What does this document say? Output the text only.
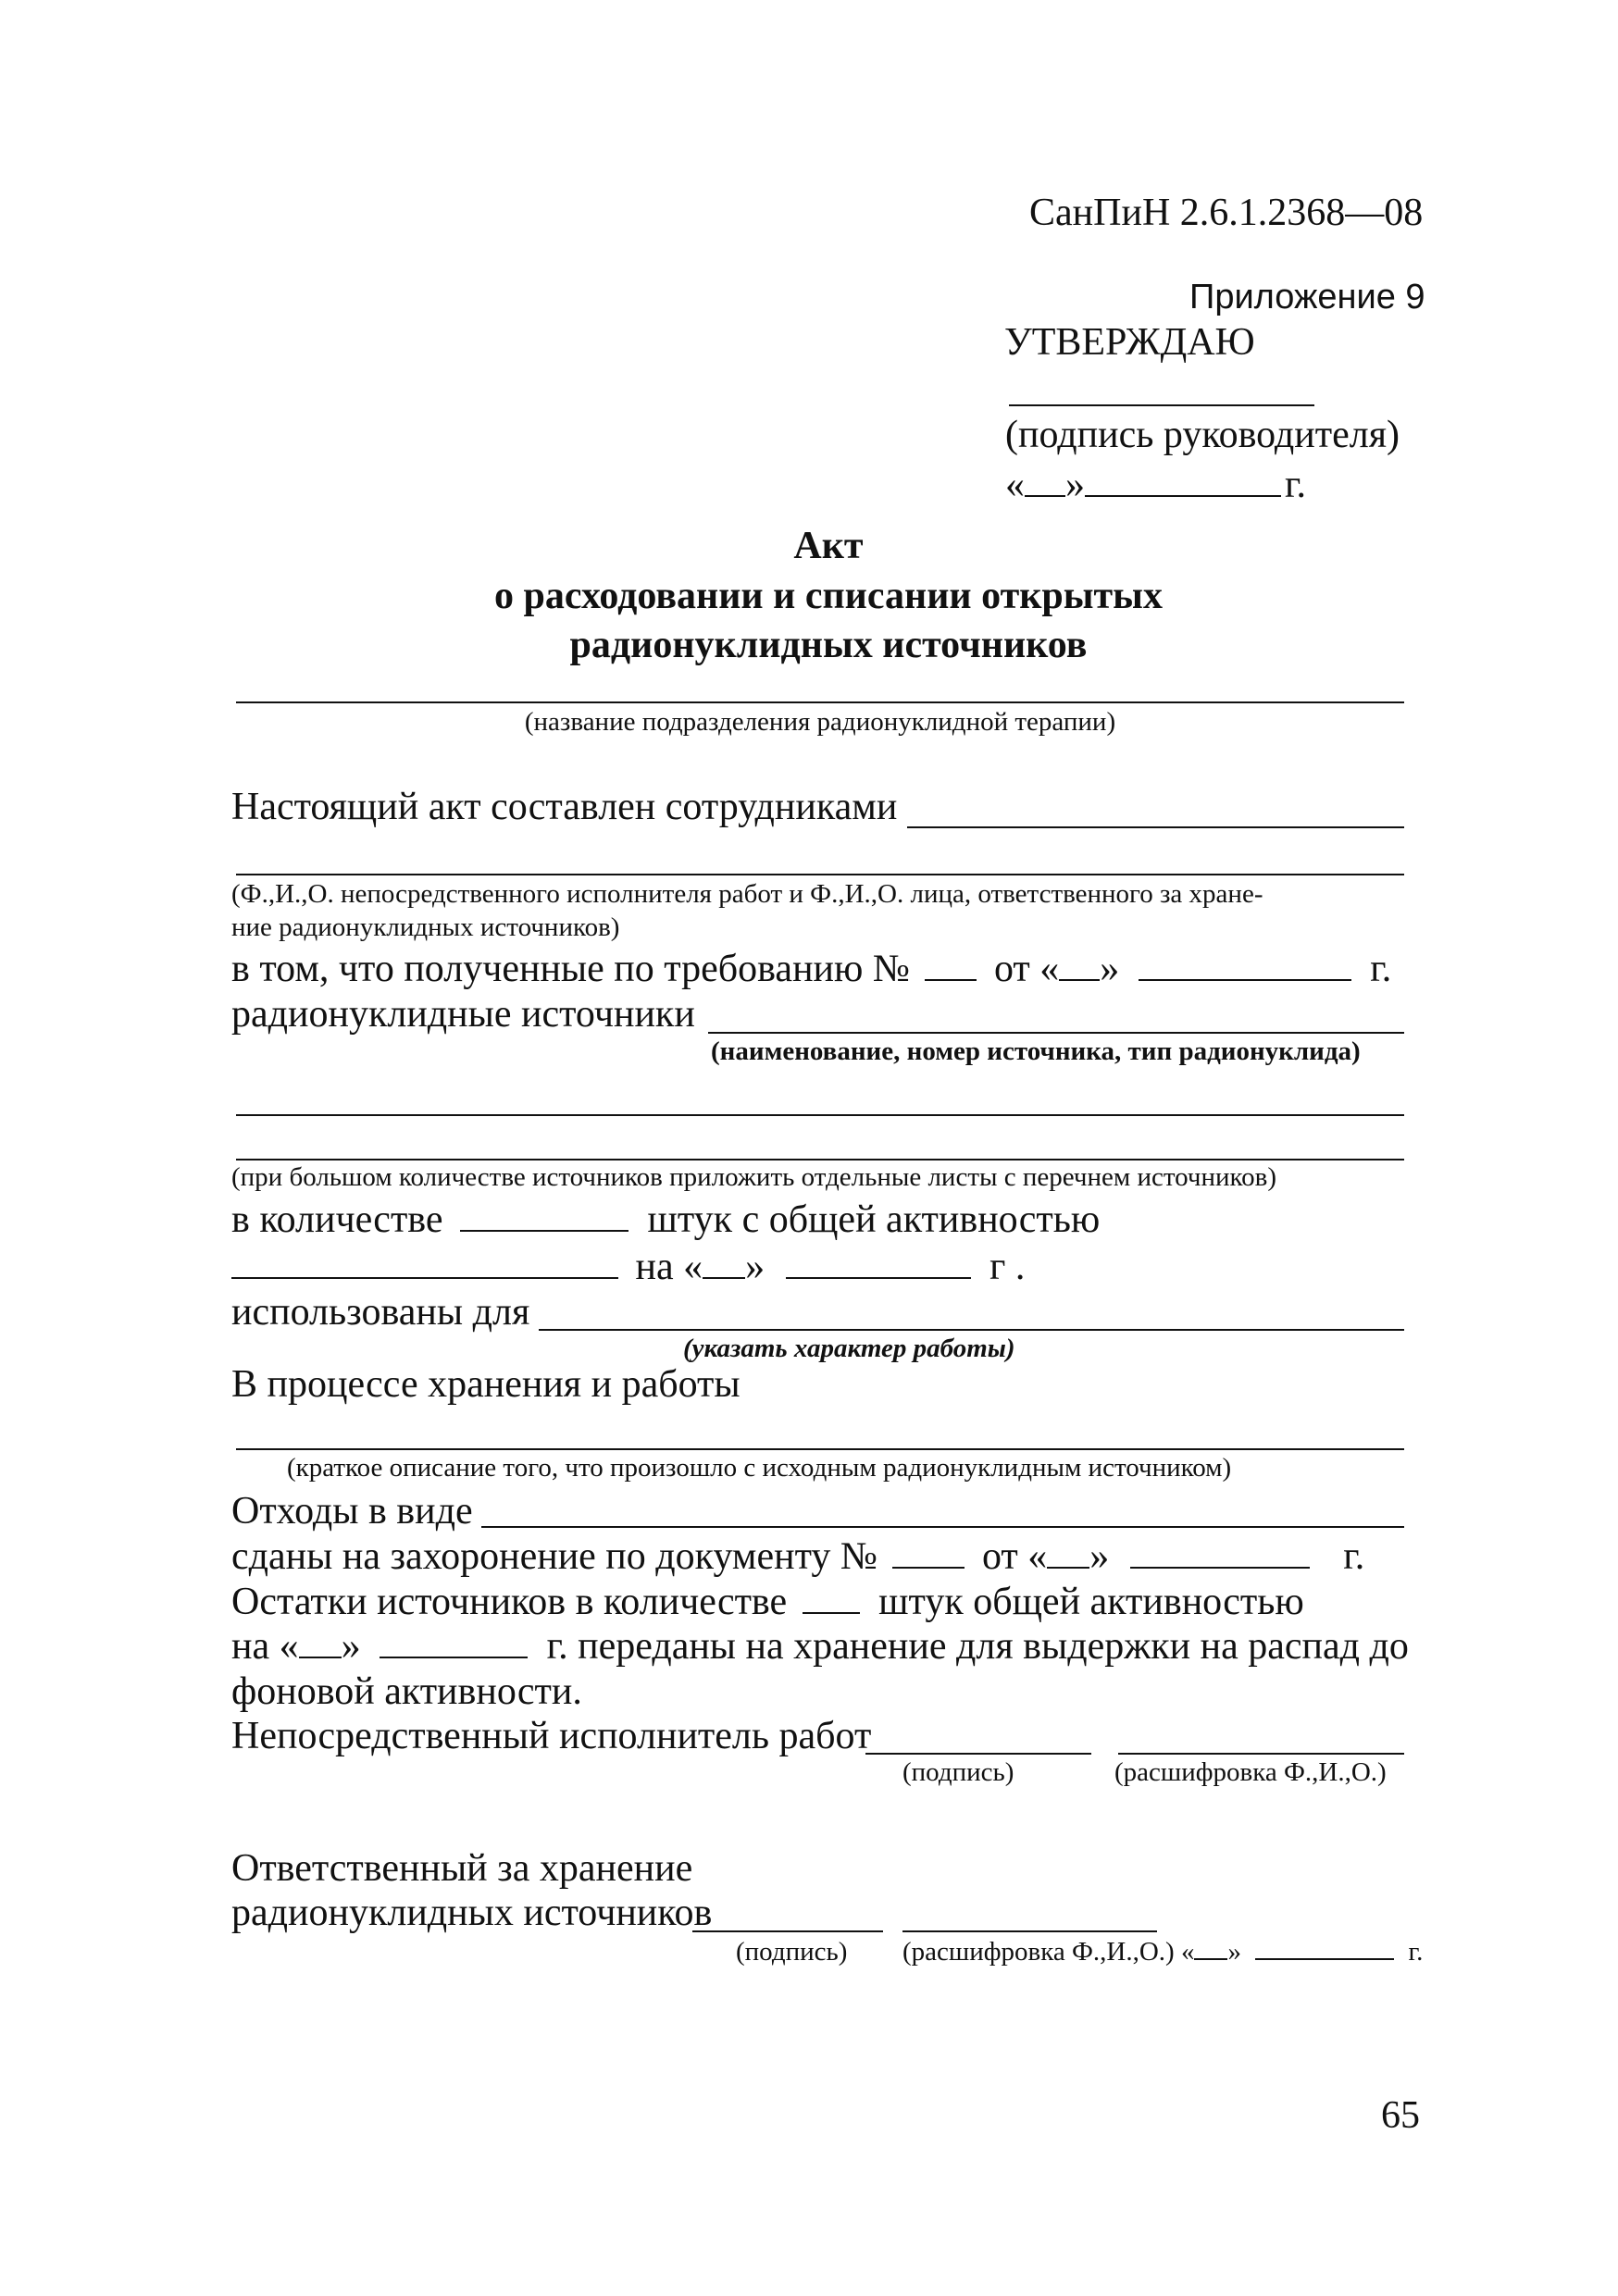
СанПиН 2.6.1.2368—08
Приложение 9
УТВЕРЖДАЮ
(подпись руководителя)
« »	г.
Акт
о расходовании и списании открытых
радионуклидных источников
(название подразделения радионуклидной терапии)
Настоящий акт составлен сотрудниками
(Ф.,И.,О. непосредственного исполнителя работ и Ф.,И.,О. лица, ответственного за хране-
ние радионуклидных источников)
в том, что полученные по требованию № от « »	г.
радионуклидные источники
(наименование, номер источника, тип радионуклида)
(при большом количестве источников приложить отдельные листы с перечнем источников)
в количестве	штук с общей активностью
на « »	г .
использованы для
(указать характер работы)
В процессе хранения и работы
(краткое описание того, что произошло с исходным радионуклидным источником)
Отходы в виде
сданы на захоронение по документу №	от « »	г.
Остатки источников в количестве штук общей активностью
на « »	г. переданы на хранение для выдержки на распад до
фоновой активности.
Непосредственный исполнитель работ
(подпись)	(расшифровка Ф.,И.,О.)
Ответственный за хранение
радионуклидных источников
(подпись) (расшифровка Ф.,И.,О.) « »	г.
65
